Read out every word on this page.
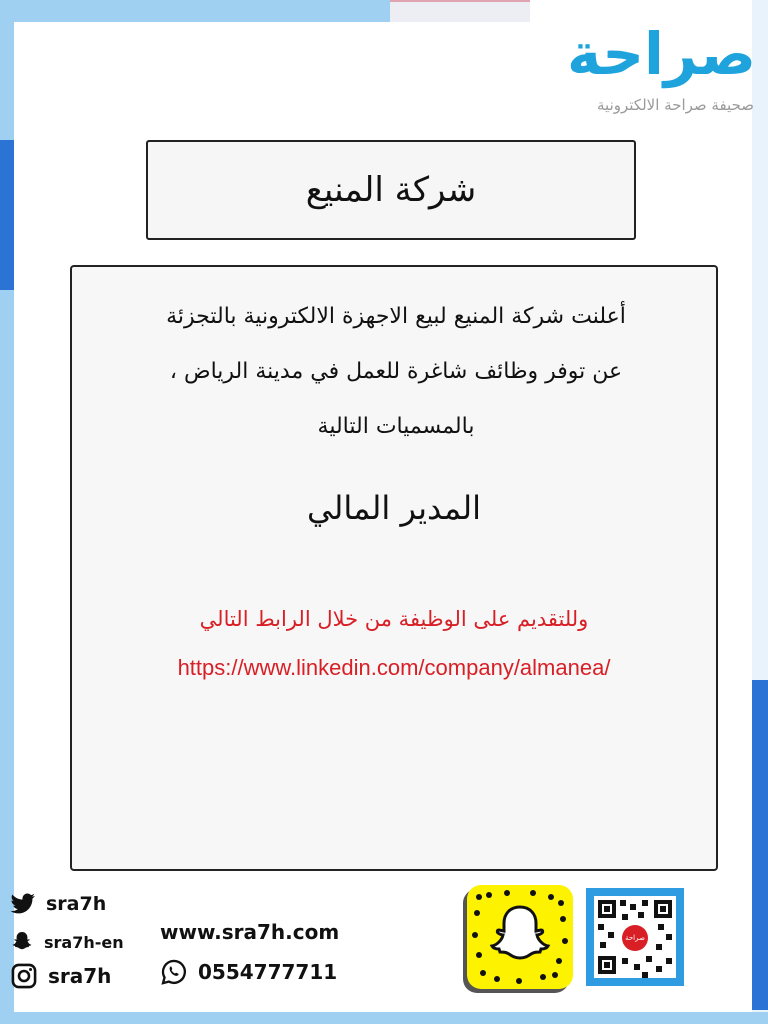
صراحة
صحيفة صراحة الالكترونية
شركة المنيع
أعلنت شركة المنيع لبيع الاجهزة الالكترونية بالتجزئة
عن توفر وظائف شاغرة للعمل في مدينة الرياض ،
بالمسميات التالية
المدير المالي
وللتقديم على الوظيفة من خلال الرابط التالي
https://www.linkedin.com/company/almanea/
sra7h
sra7h-en
sra7h
www.sra7h.com
0554777711
صراحة
